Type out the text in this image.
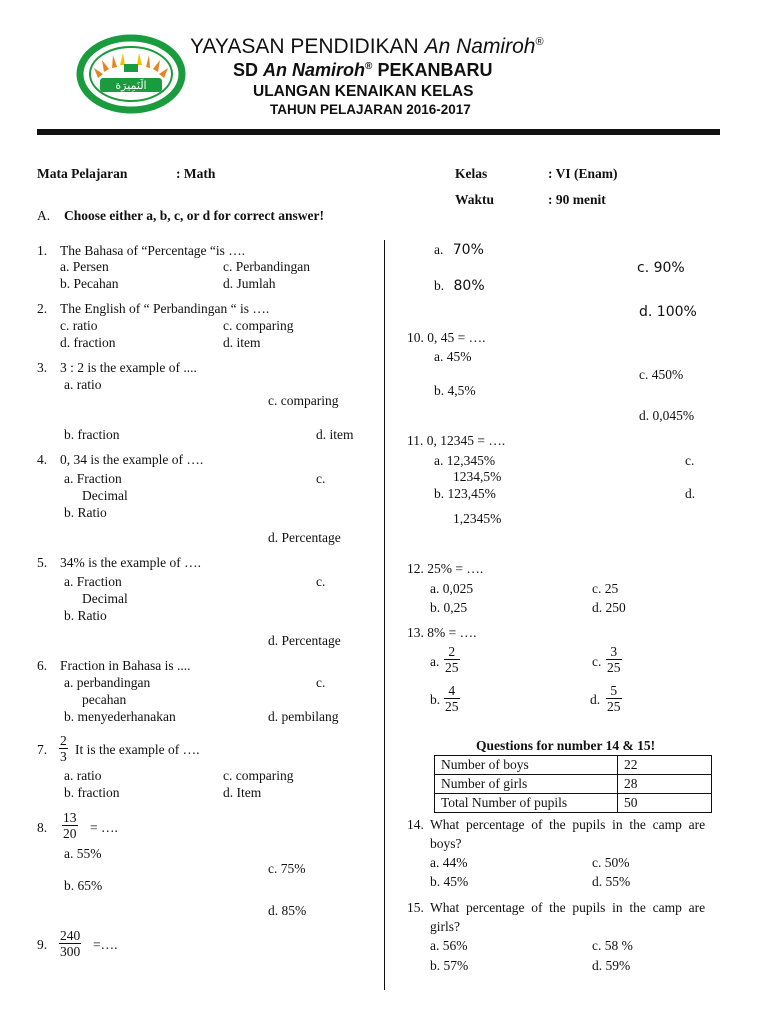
الَنَمِيرَة
YAYASAN PENDIDIKAN An Namiroh®
SD An Namiroh® PEKANBARU
ULANGAN KENAIKAN KELAS
TAHUN PELAJARAN 2016-2017
Mata Pelajaran	: Math	Kelas	: VI (Enam)
Waktu	: 90 menit
A. Choose either a, b, c, or d for correct answer!
1. The Bahasa of “Percentage “is ….
a. Persen	c. Perbandingan
b. Pecahan	d. Jumlah
2. The English of “ Perbandingan “ is ….
c. ratio	c. comparing
d. fraction	d. item
3. 3 : 2 is the example of ....
a. ratio
c. comparing
b. fraction	d. item
4. 0, 34 is the example of ….
a. Fraction	c.
Decimal
b. Ratio
d. Percentage
5. 34% is the example of ….
a. Fraction	c.
Decimal
b. Ratio
d. Percentage
6. Fraction in Bahasa is ....
a. perbandingan	c.
pecahan
b. menyederhanakan	d. pembilang
7. $\frac{2}{3}$ It is the example of ….
a. ratio	c. comparing
b. fraction	d. Item
8. $\frac{13}{20}$ = ….
a. 55%
c. 75%
b. 65%
d. 85%
9. $\frac{240}{300}$ =….
a. 70%
c. 90%
b. 80%
d. 100%
10. 0, 45 = ….
a. 45%
c. 450%
b. 4,5%
d. 0,045%
11. 0, 12345 = ….
a. 12,345%	c.
1234,5%
b. 123,45%	d.
1,2345%
12. 25% = ….
a. 0,025	c. 25
b. 0,25	d. 250
13. 8% = ….
a. $\frac{2}{25}$	c. $\frac{3}{25}$
b. $\frac{4}{25}$	d. $\frac{5}{25}$
Questions for number 14 & 15!
Number of boys	22
Number of girls	28
Total Number of pupils	50
14. What  percentage  of  the  pupils  in  the  camp  are
boys?
a. 44%	c. 50%
b. 45%	d. 55%
15. What  percentage  of  the  pupils  in  the  camp  are
girls?
a. 56%	c. 58 %
b. 57%	d. 59%
